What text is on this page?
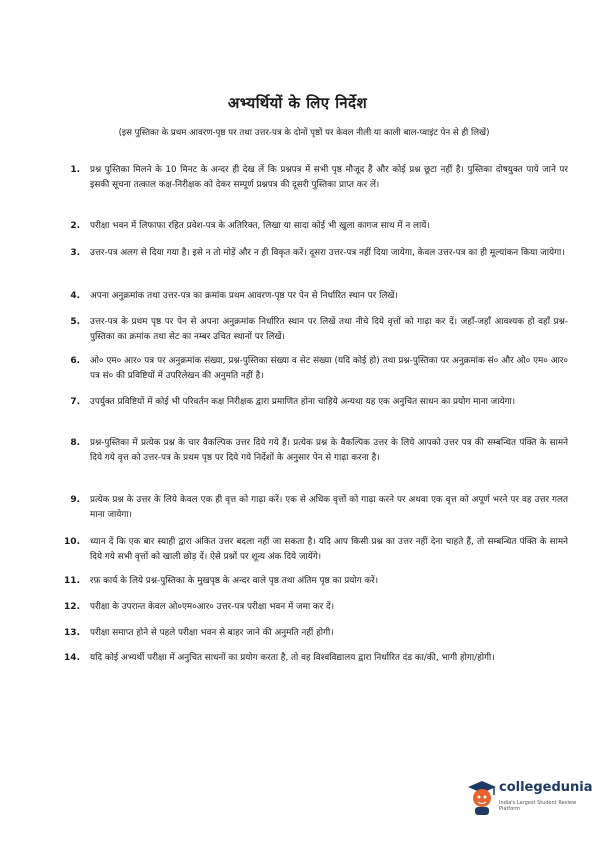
अभ्यर्थियों के लिए निर्देश
(इस पुस्तिका के प्रथम आवरण-पृष्ठ पर तथा उत्तर-पत्र के दोनों पृष्ठों पर केवल नीली या काली बाल-प्वाइंट पेन से ही लिखें)
1. प्रश्न पुस्तिका मिलने के 10 मिनट के अन्दर ही देख लें कि प्रश्नपत्र में सभी पृष्ठ मौजूद हैं और कोई प्रश्न छूटा नहीं है। पुस्तिका दोषयुक्त पाये जाने पर इसकी सूचना तत्काल कक्ष-निरीक्षक को देकर सम्पूर्ण प्रश्नपत्र की दूसरी पुस्तिका प्राप्त कर लें।
2. परीक्षा भवन में लिफाफा रहित प्रवेश-पत्र के अतिरिक्त, लिखा या सादा कोई भी खुला कागज साथ में न लायें।
3. उत्तर-पत्र अलग से दिया गया है। इसे न तो मोड़ें और न ही विकृत करें। दूसरा उत्तर-पत्र नहीं दिया जायेगा, केवल उत्तर-पत्र का ही मूल्यांकन किया जायेगा।
4. अपना अनुक्रमांक तथा उत्तर-पत्र का क्रमांक प्रथम आवरण-पृष्ठ पर पेन से निर्धारित स्थान पर लिखें।
5. उत्तर-पत्र के प्रथम पृष्ठ पर पेन से अपना अनुक्रमांक निर्धारित स्थान पर लिखें तथा नीचे दिये वृत्तों को गाढ़ा कर दें। जहाँ-जहाँ आवश्यक हो वहाँ प्रश्न-पुस्तिका का क्रमांक तथा सेट का नम्बर उचित स्थानों पर लिखें।
6. ओ० एम० आर० पत्र पर अनुक्रमांक संख्या, प्रश्न-पुस्तिका संख्या व सेट संख्या (यदि कोई हो) तथा प्रश्न-पुस्तिका पर अनुक्रमांक सं० और ओ० एम० आर० पत्र सं० की प्रविष्टियों में उपरिलेखन की अनुमति नहीं है।
7. उपर्युक्त प्रविष्टियों में कोई भी परिवर्तन कक्ष निरीक्षक द्वारा प्रमाणित होना चाहिये अन्यथा यह एक अनुचित साधन का प्रयोग माना जायेगा।
8. प्रश्न-पुस्तिका में प्रत्येक प्रश्न के चार वैकल्पिक उत्तर दिये गये हैं। प्रत्येक प्रश्न के वैकल्पिक उत्तर के लिये आपको उत्तर पत्र की सम्बन्धित पंक्ति के सामने दिये गये वृत्त को उत्तर-पत्र के प्रथम पृष्ठ पर दिये गये निर्देशों के अनुसार पेन से गाढ़ा करना है।
9. प्रत्येक प्रश्न के उत्तर के लिये केवल एक ही वृत्त को गाढ़ा करें। एक से अधिक वृत्तों को गाढ़ा करने पर अथवा एक वृत्त को अपूर्ण भरने पर वह उत्तर गलत माना जायेगा।
10. ध्यान दें कि एक बार स्याही द्वारा अंकित उत्तर बदला नहीं जा सकता है। यदि आप किसी प्रश्न का उत्तर नहीं देना चाहते हैं, तो सम्बन्धित पंक्ति के सामने दिये गये सभी वृत्तों को खाली छोड़ दें। ऐसे प्रश्नों पर शून्य अंक दिये जायेंगे।
11. रफ़ कार्य के लिये प्रश्न-पुस्तिका के मुखपृष्ठ के अन्दर वाले पृष्ठ तथा अंतिम पृष्ठ का प्रयोग करें।
12. परीक्षा के उपरान्त केवल ओ०एम०आर० उत्तर-पत्र परीक्षा भवन में जमा कर दें।
13. परीक्षा समाप्त होने से पहले परीक्षा भवन से बाहर जाने की अनुमति नहीं होगी।
14. यदि कोई अभ्यर्थी परीक्षा में अनुचित साधनों का प्रयोग करता है, तो वह विश्वविद्यालय द्वारा निर्धारित दंड का/की, भागी होगा/होगी।
collegedunia
India's Largest Student Review Platform
